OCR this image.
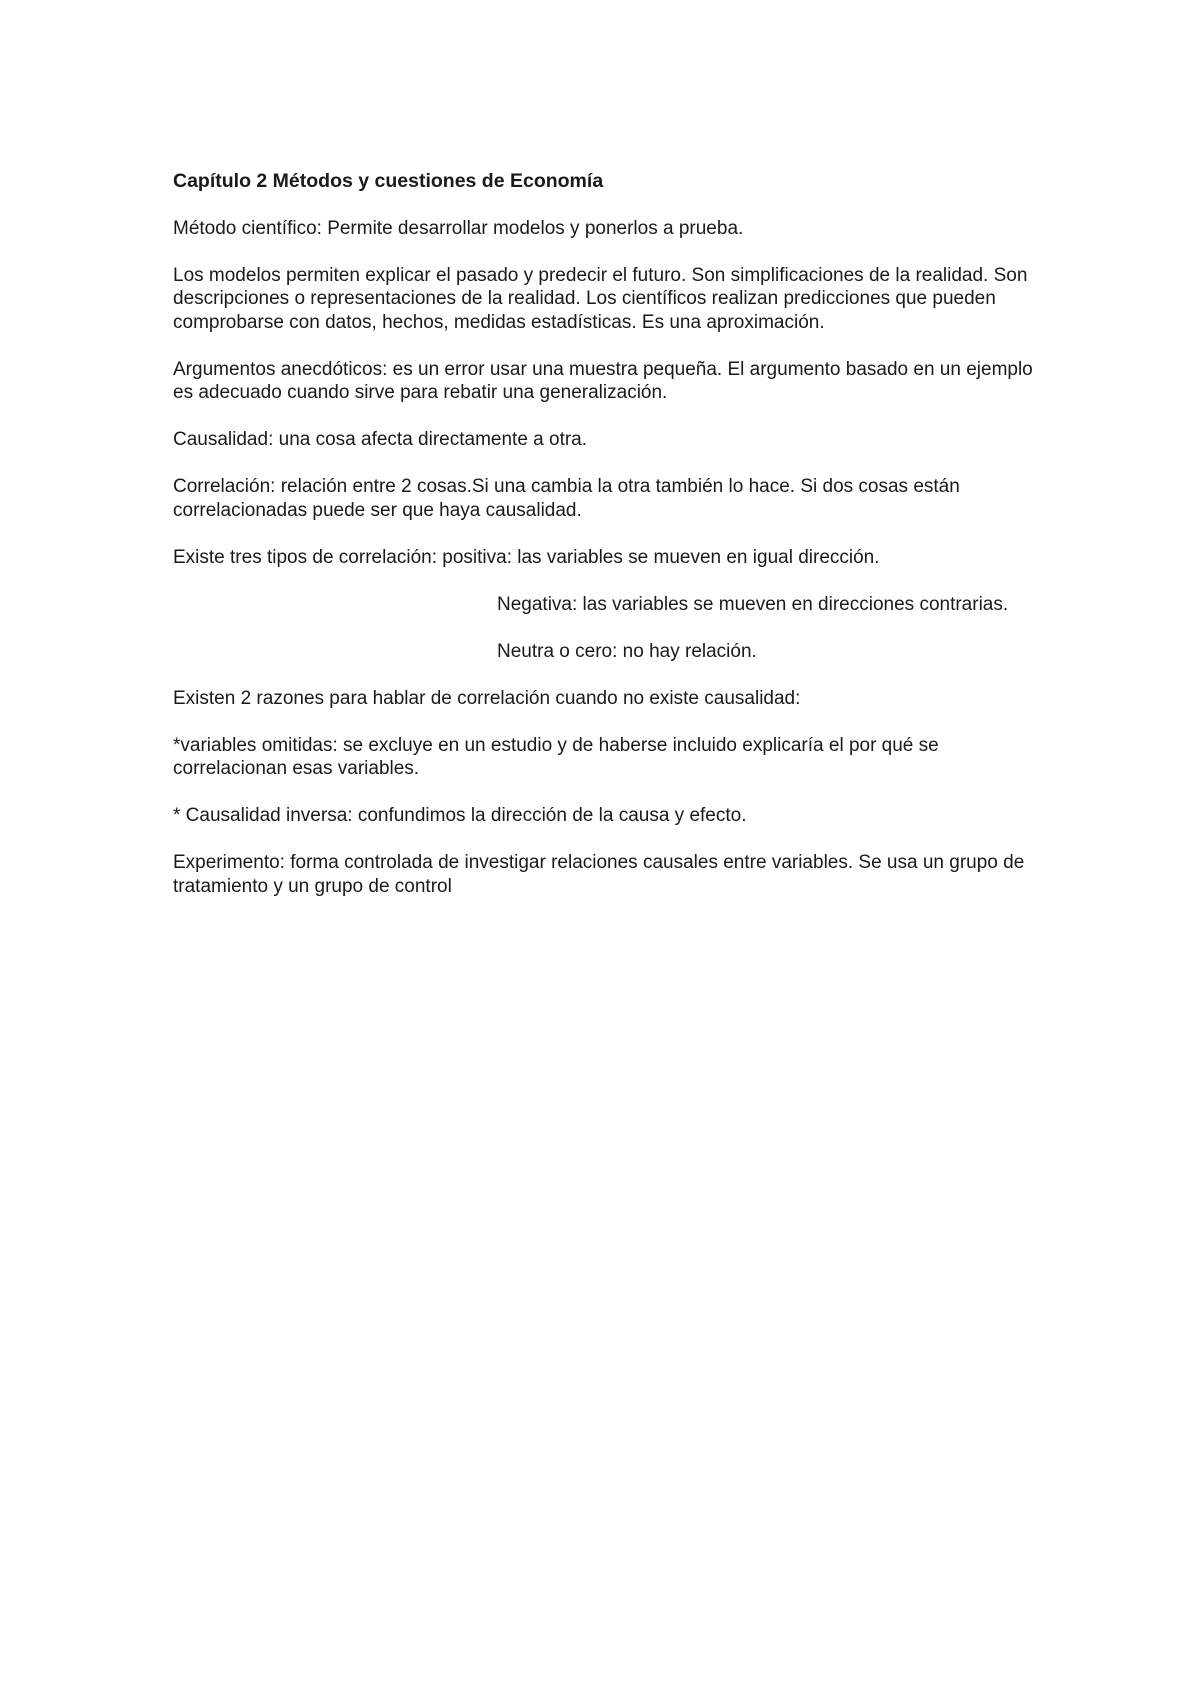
Capítulo 2 Métodos y cuestiones de Economía

Método científico: Permite desarrollar modelos y ponerlos a prueba.

Los modelos permiten explicar el pasado y predecir el futuro. Son simplificaciones de la realidad. Son descripciones o representaciones de la realidad. Los científicos realizan predicciones que pueden comprobarse con datos, hechos, medidas estadísticas. Es una aproximación.

Argumentos anecdóticos: es un error usar una muestra pequeña. El argumento basado en un ejemplo es adecuado cuando sirve para rebatir una generalización.

Causalidad: una cosa afecta directamente a otra.

Correlación: relación entre 2 cosas.Si una cambia la otra también lo hace. Si dos cosas están correlacionadas puede ser que haya causalidad.

Existe tres tipos de correlación: positiva: las variables se mueven en igual dirección.

Negativa: las variables se mueven en direcciones contrarias.

Neutra o cero: no hay relación.

Existen 2 razones para hablar de correlación cuando no existe causalidad:

*variables omitidas: se excluye en un estudio y de haberse incluido explicaría el por qué se correlacionan esas variables.

* Causalidad inversa: confundimos la dirección de la causa y efecto.

Experimento: forma controlada de investigar relaciones causales entre variables. Se usa un grupo de tratamiento y un grupo de control
